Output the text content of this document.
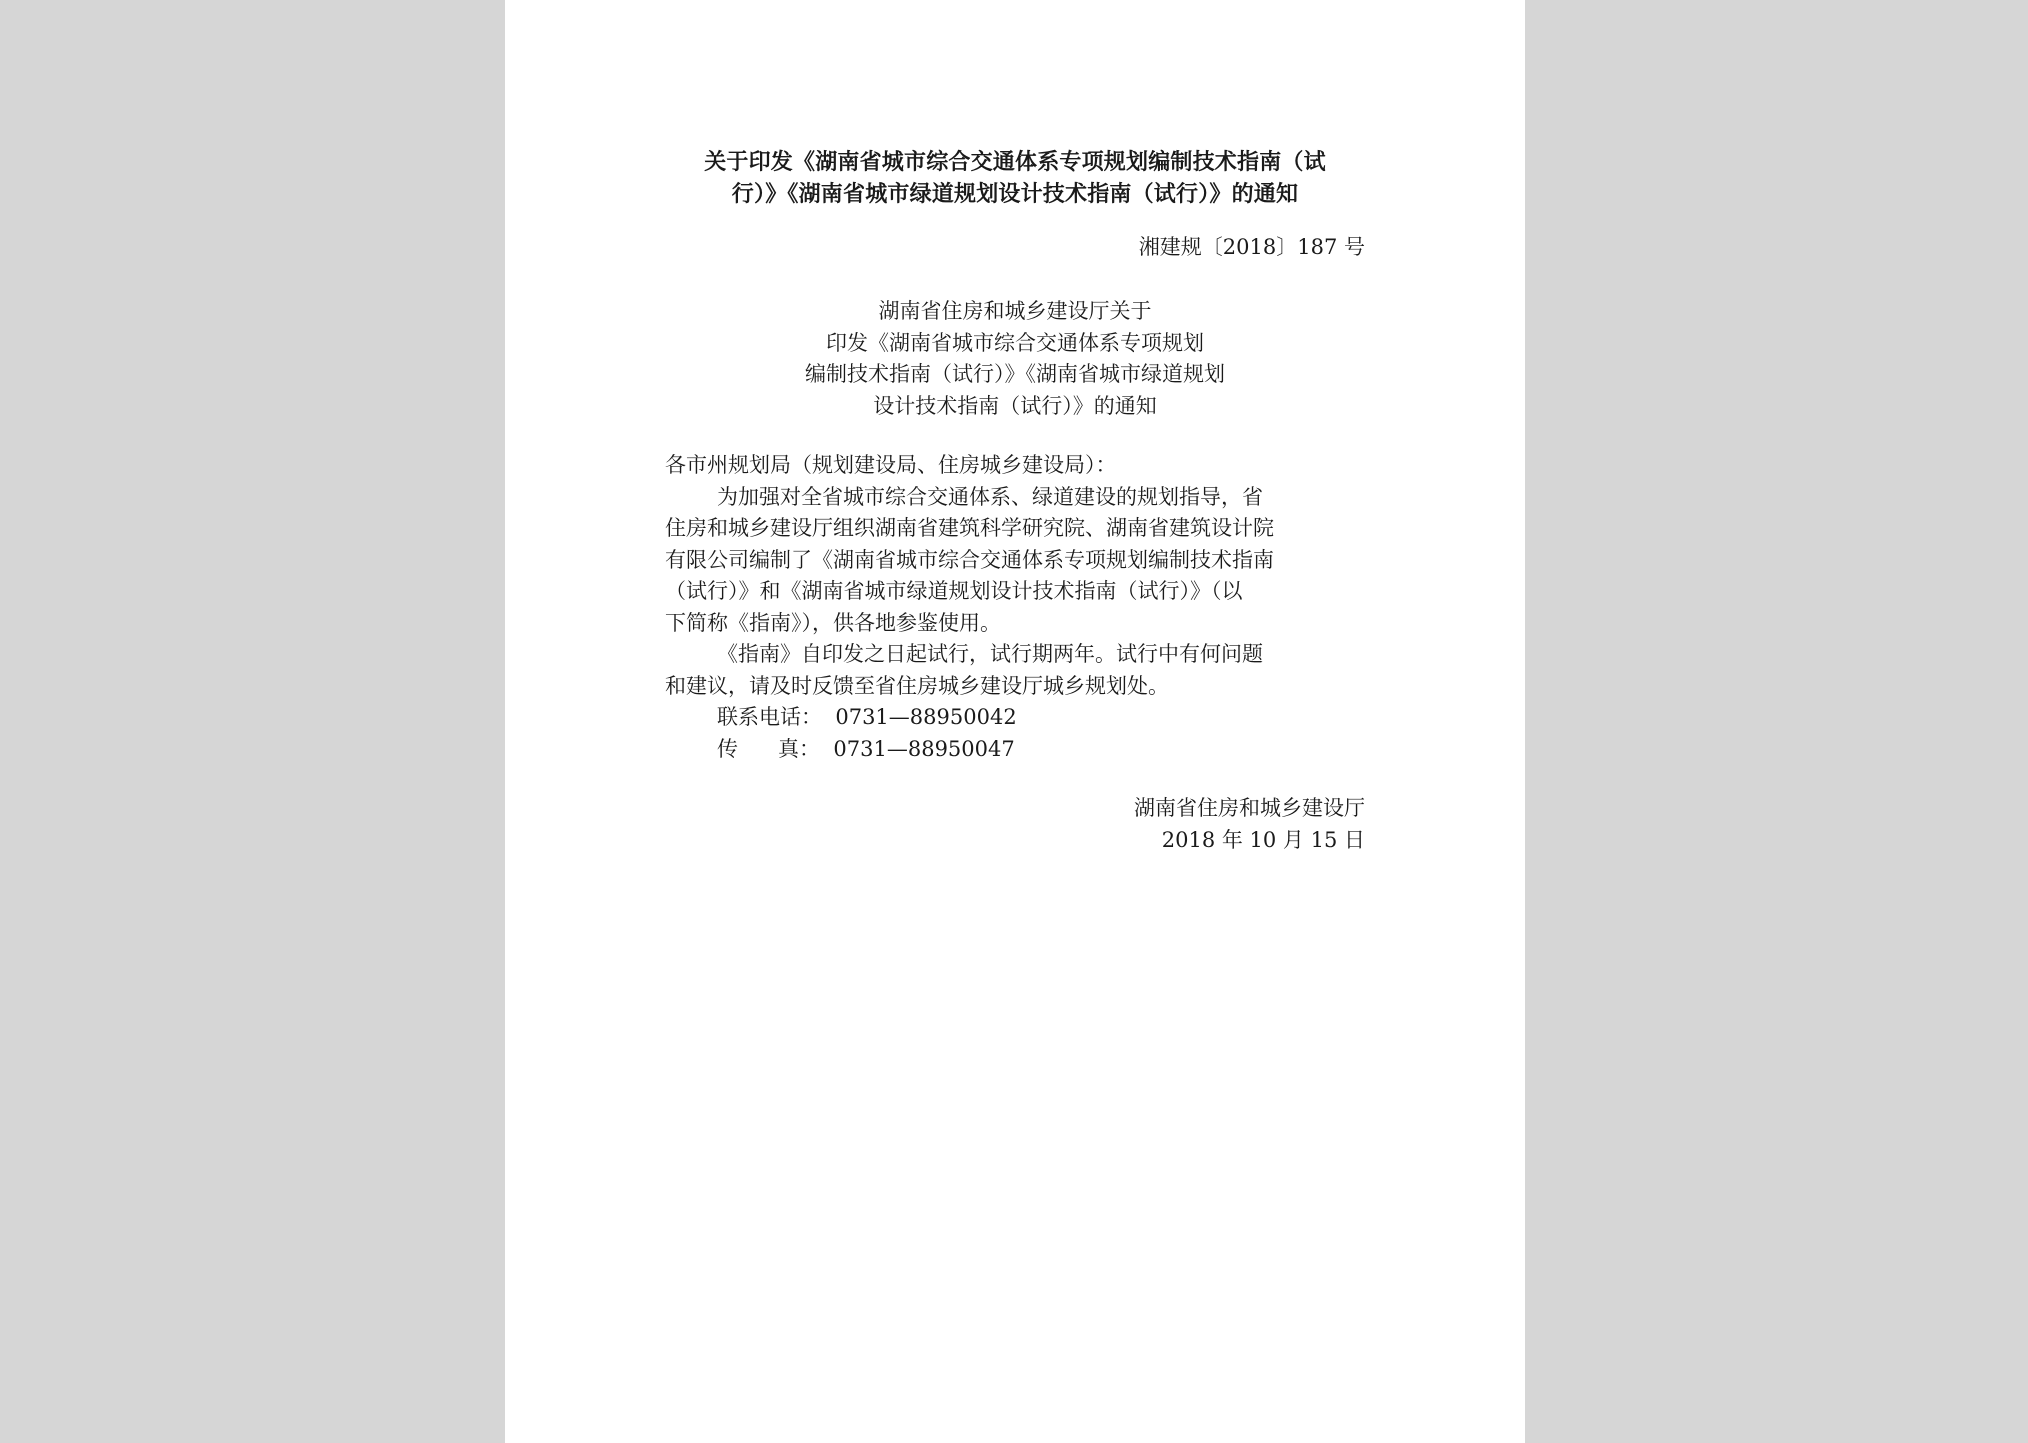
关于印发《湖南省城市综合交通体系专项规划编制技术指南（试
行）》《湖南省城市绿道规划设计技术指南（试行）》的通知
湘建规〔2018〕187 号
湖南省住房和城乡建设厅关于
印发《湖南省城市综合交通体系专项规划
编制技术指南（试行）》《湖南省城市绿道规划
设计技术指南（试行）》的通知
各市州规划局（规划建设局、住房城乡建设局）：
为加强对全省城市综合交通体系、绿道建设的规划指导，省
住房和城乡建设厅组织湖南省建筑科学研究院、湖南省建筑设计院
有限公司编制了《湖南省城市综合交通体系专项规划编制技术指南
（试行）》和《湖南省城市绿道规划设计技术指南（试行）》（以
下简称《指南》），供各地参鉴使用。
《指南》自印发之日起试行，试行期两年。试行中有何问题
和建议，请及时反馈至省住房城乡建设厅城乡规划处。
联系电话：  0731—88950042
传      真：  0731—88950047
湖南省住房和城乡建设厅
2018 年 10 月 15 日
